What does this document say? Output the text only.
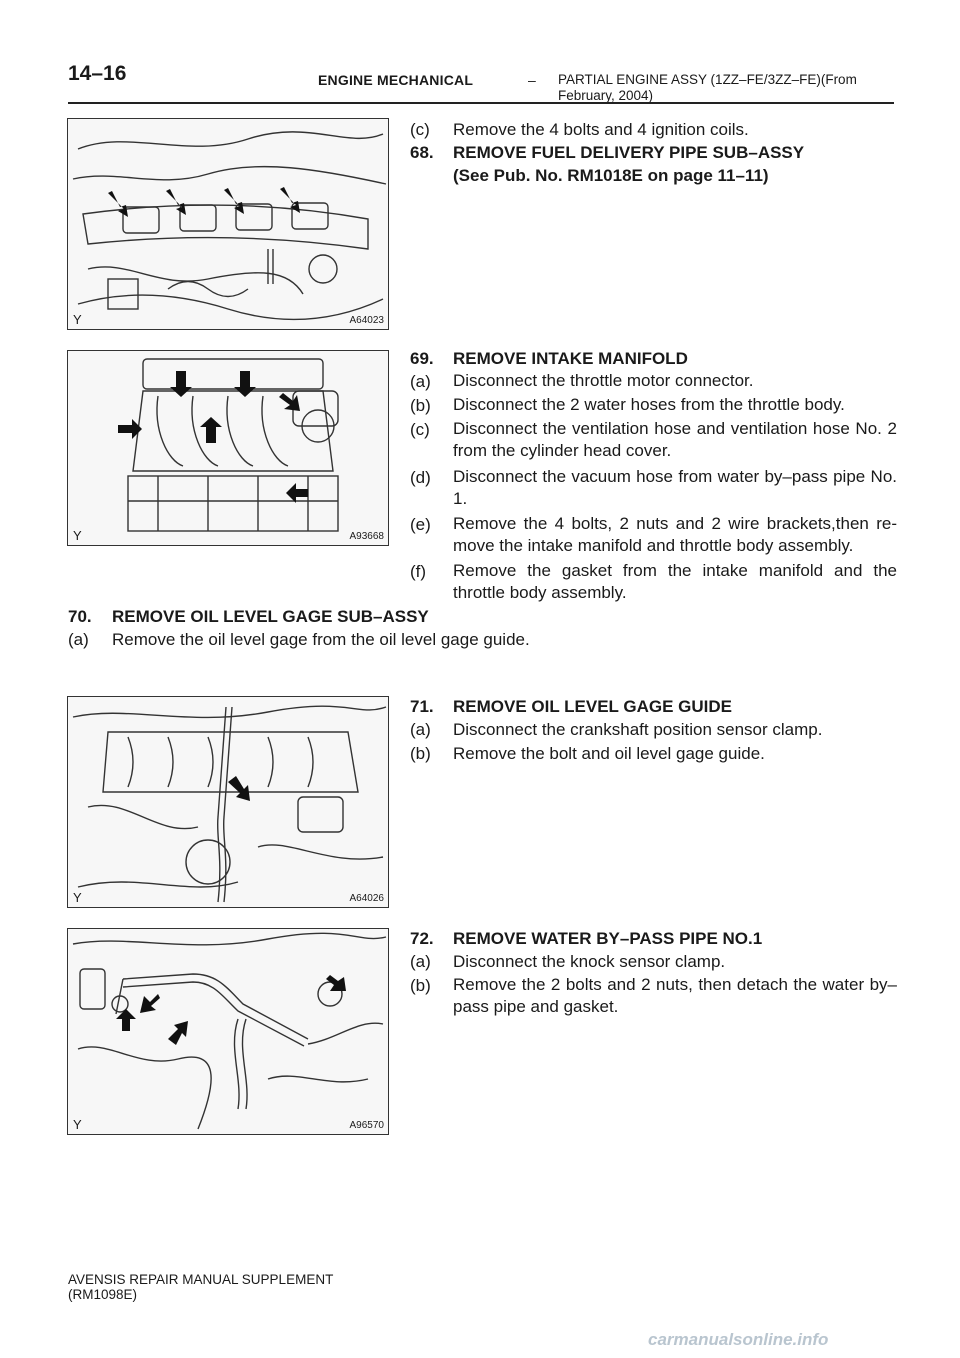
14–16	ENGINE MECHANICAL	– PARTIAL ENGINE ASSY (1ZZ–FE/3ZZ–FE)(From
February, 2004)
Y	A64023
Y	A93668
Y	A64026
Y	A96570
(c) Remove the 4 bolts and 4 ignition coils.
68. REMOVE FUEL DELIVERY PIPE SUB–ASSY
(See Pub. No. RM1018E on page 11–11)
69. REMOVE INTAKE MANIFOLD
(a) Disconnect the throttle motor connector.
(b) Disconnect the 2 water hoses from the throttle body.
(c) Disconnect the ventilation hose and ventilation hose No. 2 from the cylinder head cover.
(d) Disconnect the vacuum hose from water by–pass pipe No. 1.
(e) Remove the 4 bolts, 2 nuts and 2 wire brackets,then re- move the intake manifold and throttle body assembly.
(f) Remove the gasket from the intake manifold and the throttle body assembly.
70. REMOVE OIL LEVEL GAGE SUB–ASSY
(a) Remove the oil level gage from the oil level gage guide.
71. REMOVE OIL LEVEL GAGE GUIDE
(a) Disconnect the crankshaft position sensor clamp.
(b) Remove the bolt and oil level gage guide.
72. REMOVE WATER BY–PASS PIPE NO.1
(a) Disconnect the knock sensor clamp.
(b) Remove the 2 bolts and 2 nuts, then detach the water by– pass pipe and gasket.
AVENSIS REPAIR MANUAL SUPPLEMENT
(RM1098E)
carmanualsonline.info
